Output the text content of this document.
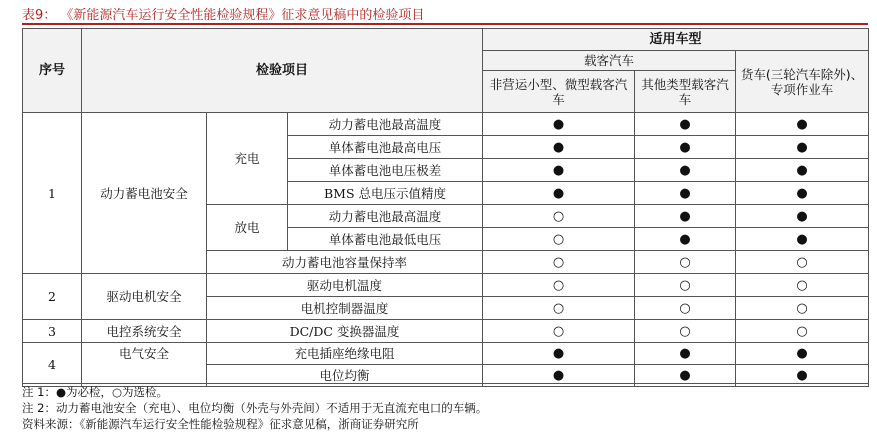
表9： 《新能源汽车运行安全性能检验规程》征求意见稿中的检验项目
序号	检验项目			适用车型		
				载客汽车		货车(三轮汽车除外)、专项作业车
				非营运小型、微型载客汽车	其他类型载客汽车	
1	动力蓄电池安全	充电	动力蓄电池最高温度	●	●	●
			单体蓄电池最高电压	●	●	●
			单体蓄电池电压极差	●	●	●
			BMS 总电压示值精度	●	●	●
		放电	动力蓄电池最高温度	○	●	●
			单体蓄电池最低电压	○	●	●
		动力蓄电池容量保持率		○	○	○
2	驱动电机安全	驱动电机温度		○	○	○
		电机控制器温度		○	○	○
3	电控系统安全	DC/DC 变换器温度		○	○	○
4	电气安全	充电插座绝缘电阻		●	●	●
		电位均衡		●	●	●
注 1：●为必检，○为选检。
注 2：动力蓄电池安全（充电）、电位均衡（外壳与外壳间）不适用于无直流充电口的车辆。
资料来源：《新能源汽车运行安全性能检验规程》征求意见稿，浙商证券研究所
